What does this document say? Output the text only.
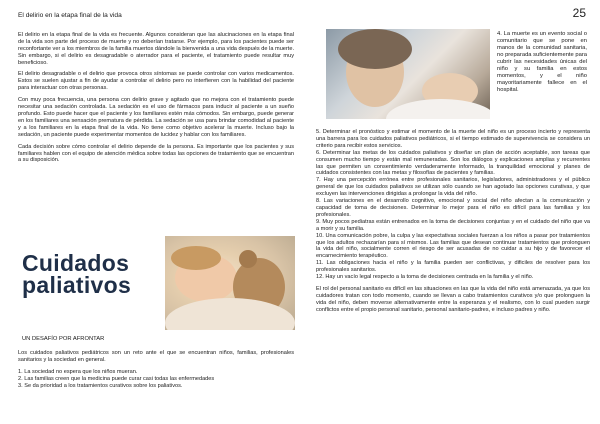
25

El delirio en la etapa final de la vida

El delirio en la etapa final de la vida es frecuente. Algunos consideran que las alucinaciones en la etapa final de la vida son parte del proceso de muerte y no deberían tratarse. Por ejemplo, para los pacientes puede ser reconfortante ver a los miembros de la familia muertos dándole la bienvenida a una vida después de la muerte. Sin embargo, si el delirio es desagradable o aterrador para el paciente, el tratamiento puede resultar muy beneficioso.

El delirio desagradable o el delirio que provoca otros síntomas se puede controlar con varios medicamentos. Estos se suelen ajustar a fin de ayudar a controlar el delirio pero no interfieren con la habilidad del paciente para interactuar con otras personas.

Con muy poca frecuencia, una persona con delirio grave y agitado que no mejora con el tratamiento puede necesitar una sedación controlada. La sedación es el uso de fármacos para inducir al paciente a un sueño profundo. Esto puede hacer que el paciente y los familiares estén más cómodos. Sin embargo, puede generar en los familiares una sensación prematura de pérdida. La sedación se usa para brindar comodidad al paciente y a los familiares en la etapa final de la vida. No tiene como objetivo acelerar la muerte. Incluso bajo la sedación, un paciente puede experimentar momentos de lucidez y hablar con los familiares.

Cada decisión sobre cómo controlar el delirio depende de la persona. Es importante que los pacientes y sus familiares hablen con el equipo de atención médica sobre todas las opciones de tratamiento que se encuentran a su disposición.

Cuidados
paliativos
UN DESAFÍO POR AFRONTAR

Los cuidados paliativos pediátricos son un reto ante el que se encuentran niños, familias, profesionales sanitarios y la sociedad en general.

1. La sociedad no espera que los niños mueran.

2. Las familias creen que la medicina puede curar casi todas las enfermedades

3. Se da prioridad a los tratamientos curativos sobre los paliativos.

4. La muerte es un evento social o comunitario que se pone en manos de la comunidad sanitaria, no preparada suficientemente para cubrir las necesidades únicas del niño y su familia en estos momentos, y el niño mayoritariamente fallece en el hospital.

5. Determinar el pronóstico y estimar el momento de la muerte del niño es un proceso incierto y representa una barrera para los cuidados paliativos pediátricos, si el tiempo estimado de supervivencia se considera un criterio para recibir estos servicios.

6. Determinar las metas de los cuidados paliativos y diseñar un plan de acción aceptable, son tareas que consumen mucho tiempo y están mal remuneradas. Son los diálogos y explicaciones amplias y recurrentes las que permiten un consentimiento verdaderamente informado, la tranquilidad emocional y planes de cuidados consistentes con las metas y filosofías de pacientes y familias.

7. Hay una percepción errónea entre profesionales sanitarios, legisladores, administradores y el público general de que los cuidados paliativos se utilizan sólo cuando se han agotado las opciones curativas, y que excluyen las intervenciones dirigidas a prolongar la vida del niño.

8. Las variaciones en el desarrollo cognitivo, emocional y social del niño afectan a la comunicación y capacidad de toma de decisiones. Determinar lo mejor para el niño es difícil para las familias y los profesionales.

9. Muy pocos pediatras están entrenados en la toma de decisiones conjuntas y en el cuidado del niño que va a morir y su familia.

10. Una comunicación pobre, la culpa y las expectativas sociales fuerzan a los niños a pasar por tratamientos que los adultos rechazarían para sí mismos. Las familias que desean continuar tratamientos que prolonguen la vida del niño, socialmente corren el riesgo de ser acusadas de no cuidar a su hijo y de favorecer el encarnecimiento terapéutico.

11. Las obligaciones hacia el niño y la familia pueden ser conflictivas, y dificiles de resolver para los profesionales sanitarios.

12. Hay un vacío legal respecto a la toma de decisiones centrada en la familia y el niño.

El rol del personal sanitario es difícil en las situaciones en las que la vida del niño está amenazada, ya que los cuidadores tratan con todo momento, cuando se llevan a cabo tratamientos curativos y/o que prolonguen la vida del niño, deben moverse alternativamente entre la esperanza y el realismo, con lo cual pueden surgir conflictos entre el propio personal sanitario, personal sanitario-padres, e incluso padres y niño.
